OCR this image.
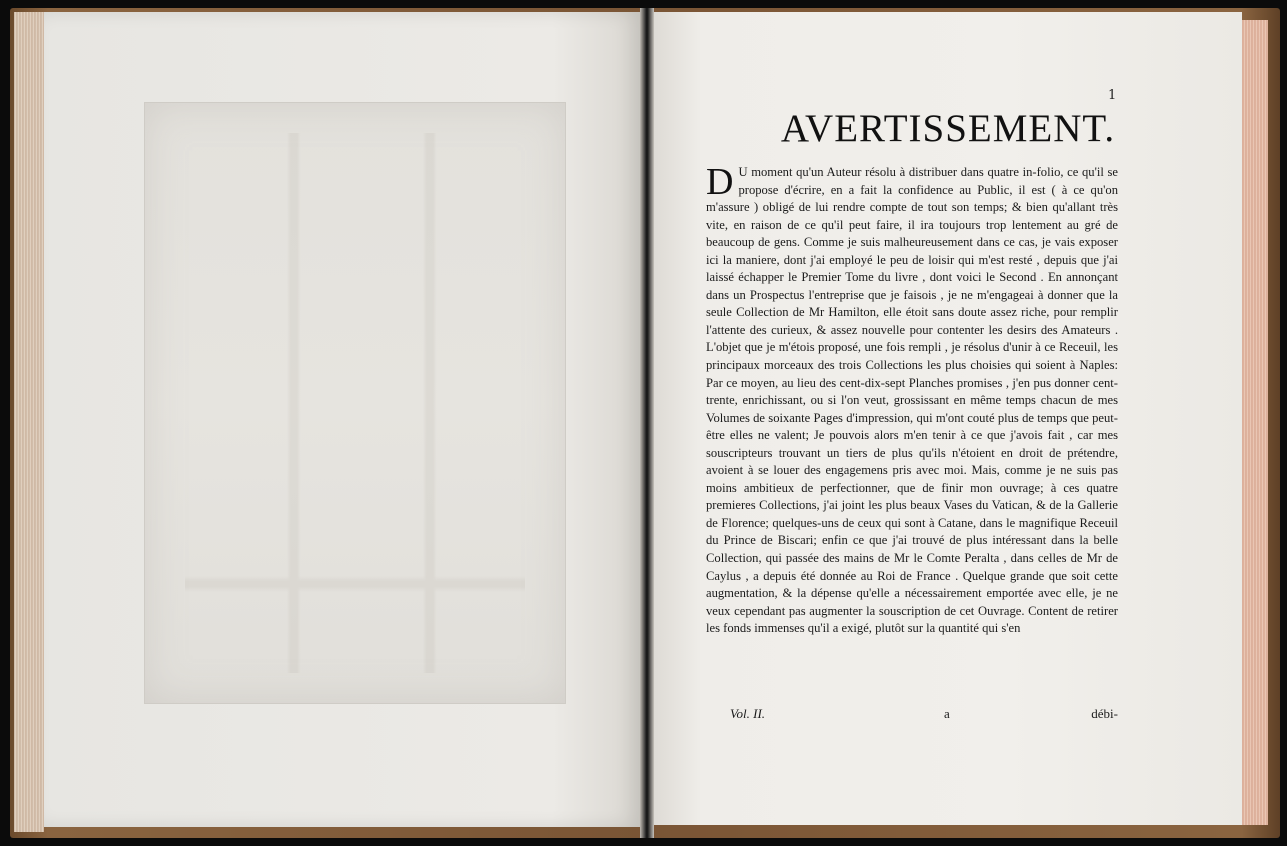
1
AVERTISSEMENT.

D U moment qu'un Auteur résolu à distribuer dans quatre in-folio, ce qu'il se propose d'écrire, en a fait la confidence au Public, il est ( à ce qu'on m'assure ) obligé de lui rendre compte de tout son temps; & bien qu'allant très vite, en raison de ce qu'il peut faire, il ira toujours trop lentement au gré de beaucoup de gens. Comme je suis malheureusement dans ce cas, je vais exposer ici la maniere, dont j'ai employé le peu de loisir qui m'est resté , depuis que j'ai laissé échapper le Premier Tome du livre , dont voici le Second . En annonçant dans un Prospectus l'entreprise que je faisois , je ne m'engageai à donner que la seule Collection de Mr Hamilton, elle étoit sans doute assez riche, pour remplir l'attente des curieux, & assez nouvelle pour contenter les desirs des Amateurs . L'objet que je m'étois proposé, une fois rempli , je résolus d'unir à ce Receuil, les principaux morceaux des trois Collections les plus choisies qui soient à Naples: Par ce moyen, au lieu des cent-dix-sept Planches promises , j'en pus donner cent-trente, enrichissant, ou si l'on veut, grossissant en même temps chacun de mes Volumes de soixante Pages d'impression, qui m'ont couté plus de temps que peut-être elles ne valent; Je pouvois alors m'en tenir à ce que j'avois fait , car mes souscripteurs trouvant un tiers de plus qu'ils n'étoient en droit de prétendre, avoient à se louer des engagemens pris avec moi. Mais, comme je ne suis pas moins ambitieux de perfectionner, que de finir mon ouvrage; à ces quatre premieres Collections, j'ai joint les plus beaux Vases du Vatican, & de la Gallerie de Florence; quelques-uns de ceux qui sont à Catane, dans le magnifique Receuil du Prince de Biscari; enfin ce que j'ai trouvé de plus intéressant dans la belle Collection, qui passée des mains de Mr le Comte Peralta , dans celles de Mr de Caylus , a depuis été donnée au Roi de France . Quelque grande que soit cette augmentation, & la dépense qu'elle a nécessairement emportée avec elle, je ne veux cependant pas augmenter la souscription de cet Ouvrage. Content de retirer les fonds immenses qu'il a exigé, plutôt sur la quantité qui s'en

Vol. II.	a	débi-
